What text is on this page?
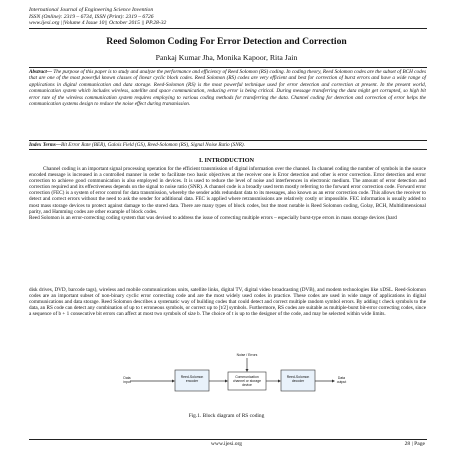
International Journal of Engineering Science Invention
ISSN (Online): 2319 – 6734, ISSN (Print): 2319 – 6726
www.ijesi.org ||Volume 4 Issue 10|| October 2015 || PP.28-32
Reed Solomon Coding For Error Detection and Correction
Pankaj Kumar Jha, Monika Kapoor, Rita Jain
Abstract— The purpose of this paper is to study and analyze the performance and efficiency of Reed Solomon (RS) coding. In coding theory, Reed Solomon codes are the subset of BCH codes that are one of the most powerful known classes of linear cyclic block codes. Reed Solomon (RS) codes are very efficient and best for correction of burst errors and have a wide range of applications in digital communication and data storage. Reed-Solomon (RS) is the most powerful technique used for error detection and correction at present. In the present world, communication system which includes wireless, satellite and space communication, reducing error is being critical. During message transferring the data might get corrupted, so high bit error rate of the wireless communication system requires employing to various coding methods for transferring the data. Channel coding for detection and correction of error helps the communication systems design to reduce the noise effect during transmission.
Index Terms—Bit Error Rate (BER), Galois Field (GS), Reed-Solomon (RS), Signal Noise Ratio (SNR).
I. INTRODUCTION

Channel coding is an important signal processing operation for the efficient transmission of digital information over the channel. In channel coding the number of symbols in the source encoded message is increased in a controlled manner in order to facilitate two basic objectives at the receiver one is Error detection and other is error correction. Error detection and error correction to achieve good communication is also employed in devices. It is used to reduce the level of noise and interferences in electronic medium. The amount of error detection and correction required and its effectiveness depends on the signal to noise ratio (SNR). A channel code is a broadly used term mostly referring to the forward error correction code. Forward error correction (FEC) is a system of error control for data transmission, whereby the sender adds redundant data to its messages, also known as an error correction code. This allows the receiver to detect and correct errors without the need to ask the sender for additional data. FEC is applied where retransmissions are relatively costly or impossible. FEC information is usually added to most mass storage devices to protect against damage to the stored data. There are many types of block codes, but the most notable is Reed Solomon coding, Golay, BCH, Multidimensional parity, and Hamming codes are other example of block codes.

Reed Solomon is an error-correcting coding system that was devised to address the issue of correcting multiple errors – especially burst-type errors in mass storage devices (hard

disk drives, DVD, barcode tags), wireless and mobile communications units, satellite links, digital TV, digital video broadcasting (DVB), and modem technologies like xDSL. Reed-Solomon codes are an important subset of non-binary cyclic error correcting code and are the most widely used codes in practice. These codes are used in wide range of applications in digital communications and data storage. Reed Solomon describes a systematic way of building codes that could detect and correct multiple random symbol errors. By adding t check symbols to the data, an RS code can detect any combination of up to t erroneous symbols, or correct up to [t/2] symbols. Furthermore, RS codes are suitable as multiple-burst bit-error correcting codes, since a sequence of b + 1 consecutive bit errors can affect at most two symbols of size b. The choice of t is up to the designer of the code, and may be selected within wide limits.

Data input
Reed-Solomon encoder
Communication channel or storage device
Noise / Errors
Reed-Solomon decoder
Data output
Fig.1. Block diagram of RS coding
www.ijesi.org	28 | Page
